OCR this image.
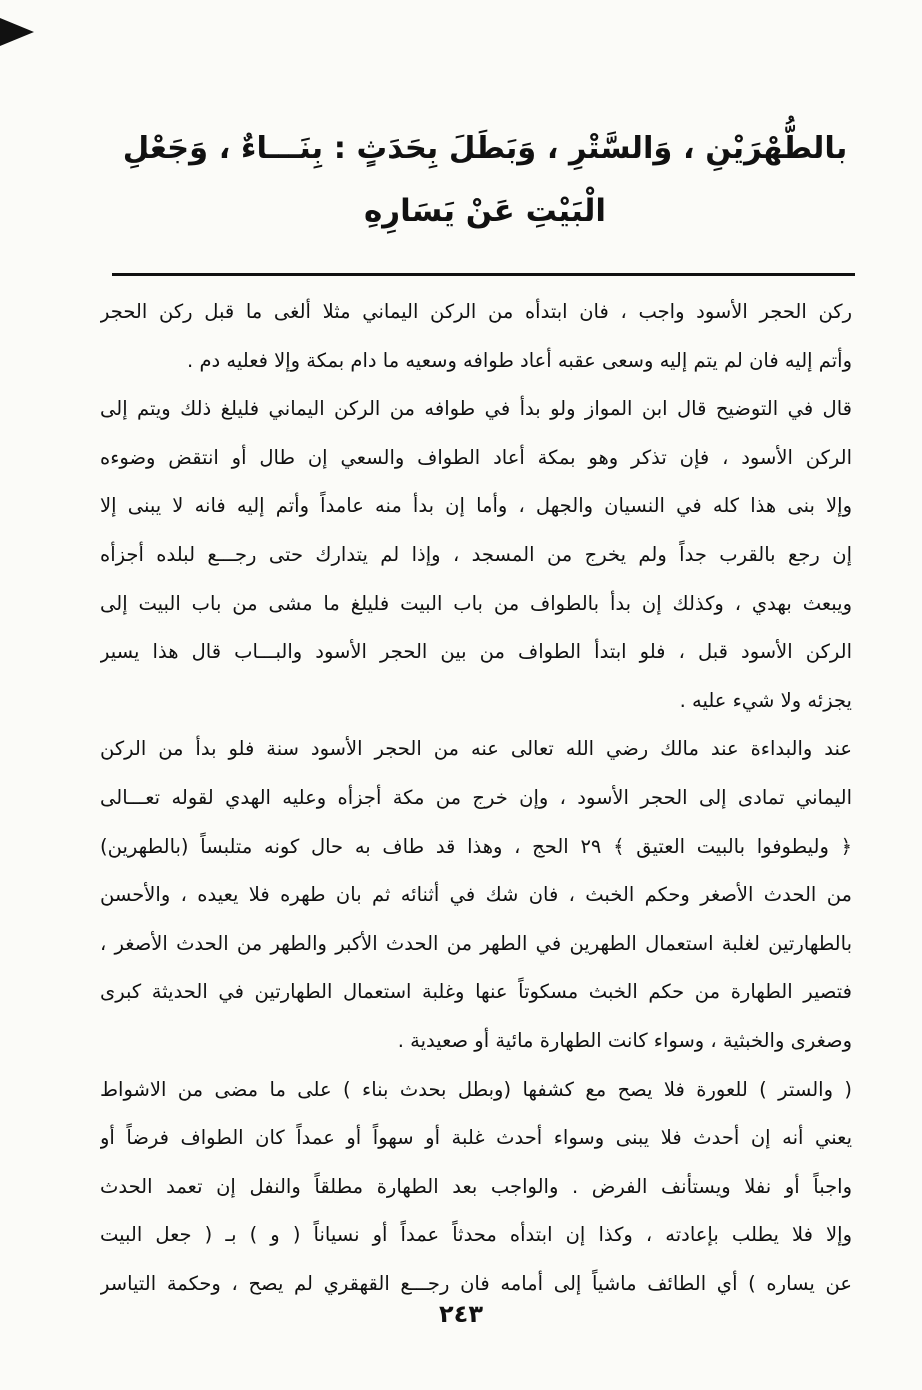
بالطُّهْرَيْنِ ، وَالسَّتْرِ ، وَبَطَلَ بِحَدَثٍ : بِنَـــاءٌ ، وَجَعْلِ
الْبَيْتِ عَنْ يَسَارِهِ
ركن الحجر الأسود واجب ، فان ابتدأه من الركن اليماني مثلا ألغى ما قبل ركن الحجر
وأتم إليه فان لم يتم إليه وسعى عقبه أعاد طوافه وسعيه ما دام بمكة وإلا فعليه دم .
قال في التوضيح قال ابن المواز ولو بدأ في طوافه من الركن اليماني فليلغ ذلك ويتم إلى
الركن الأسود ، فإن تذكر وهو بمكة أعاد الطواف والسعي إن طال أو انتقض وضوءه
وإلا بنى هذا كله في النسيان والجهل ، وأما إن بدأ منه عامداً وأتم إليه فانه لا يبنى إلا
إن رجع بالقرب جداً ولم يخرج من المسجد ، وإذا لم يتدارك حتى رجـــع لبلده أجزأه
ويبعث بهدي ، وكذلك إن بدأ بالطواف من باب البيت فليلغ ما مشى من باب البيت إلى
الركن الأسود قبل ، فلو ابتدأ الطواف من بين الحجر الأسود والبـــاب قال هذا يسير
يجزئه ولا شيء عليه .
عند والبداءة عند مالك رضي الله تعالى عنه من الحجر الأسود سنة فلو بدأ من الركن
اليماني تمادى إلى الحجر الأسود ، وإن خرج من مكة أجزأه وعليه الهدي لقوله تعـــالى
﴿ وليطوفوا بالبيت العتيق ﴾ ٢٩ الحج ، وهذا قد طاف به حال كونه متلبساً (بالطهرين)
من الحدث الأصغر وحكم الخبث ، فان شك في أثنائه ثم بان طهره فلا يعيده ، والأحسن
بالطهارتين لغلبة استعمال الطهرين في الطهر من الحدث الأكبر والطهر من الحدث الأصغر ،
فتصير الطهارة من حكم الخبث مسكوتاً عنها وغلبة استعمال الطهارتين في الحديثة كبرى
وصغرى والخبثية ، وسواء كانت الطهارة مائية أو صعيدية .
( والستر ) للعورة فلا يصح مع كشفها (وبطل بحدث بناء ) على ما مضى من الاشواط
يعني أنه إن أحدث فلا يبنى وسواء أحدث غلبة أو سهواً أو عمداً كان الطواف فرضاً أو
واجباً أو نفلا ويستأنف الفرض . والواجب بعد الطهارة مطلقاً والنفل إن تعمد الحدث
وإلا فلا يطلب بإعادته ، وكذا إن ابتدأه محدثاً عمداً أو نسياناً ( و ) بـ ( جعل البيت
عن يساره ) أي الطائف ماشياً إلى أمامه فان رجـــع القهقري لم يصح ، وحكمة التياسر
٢٤٣
